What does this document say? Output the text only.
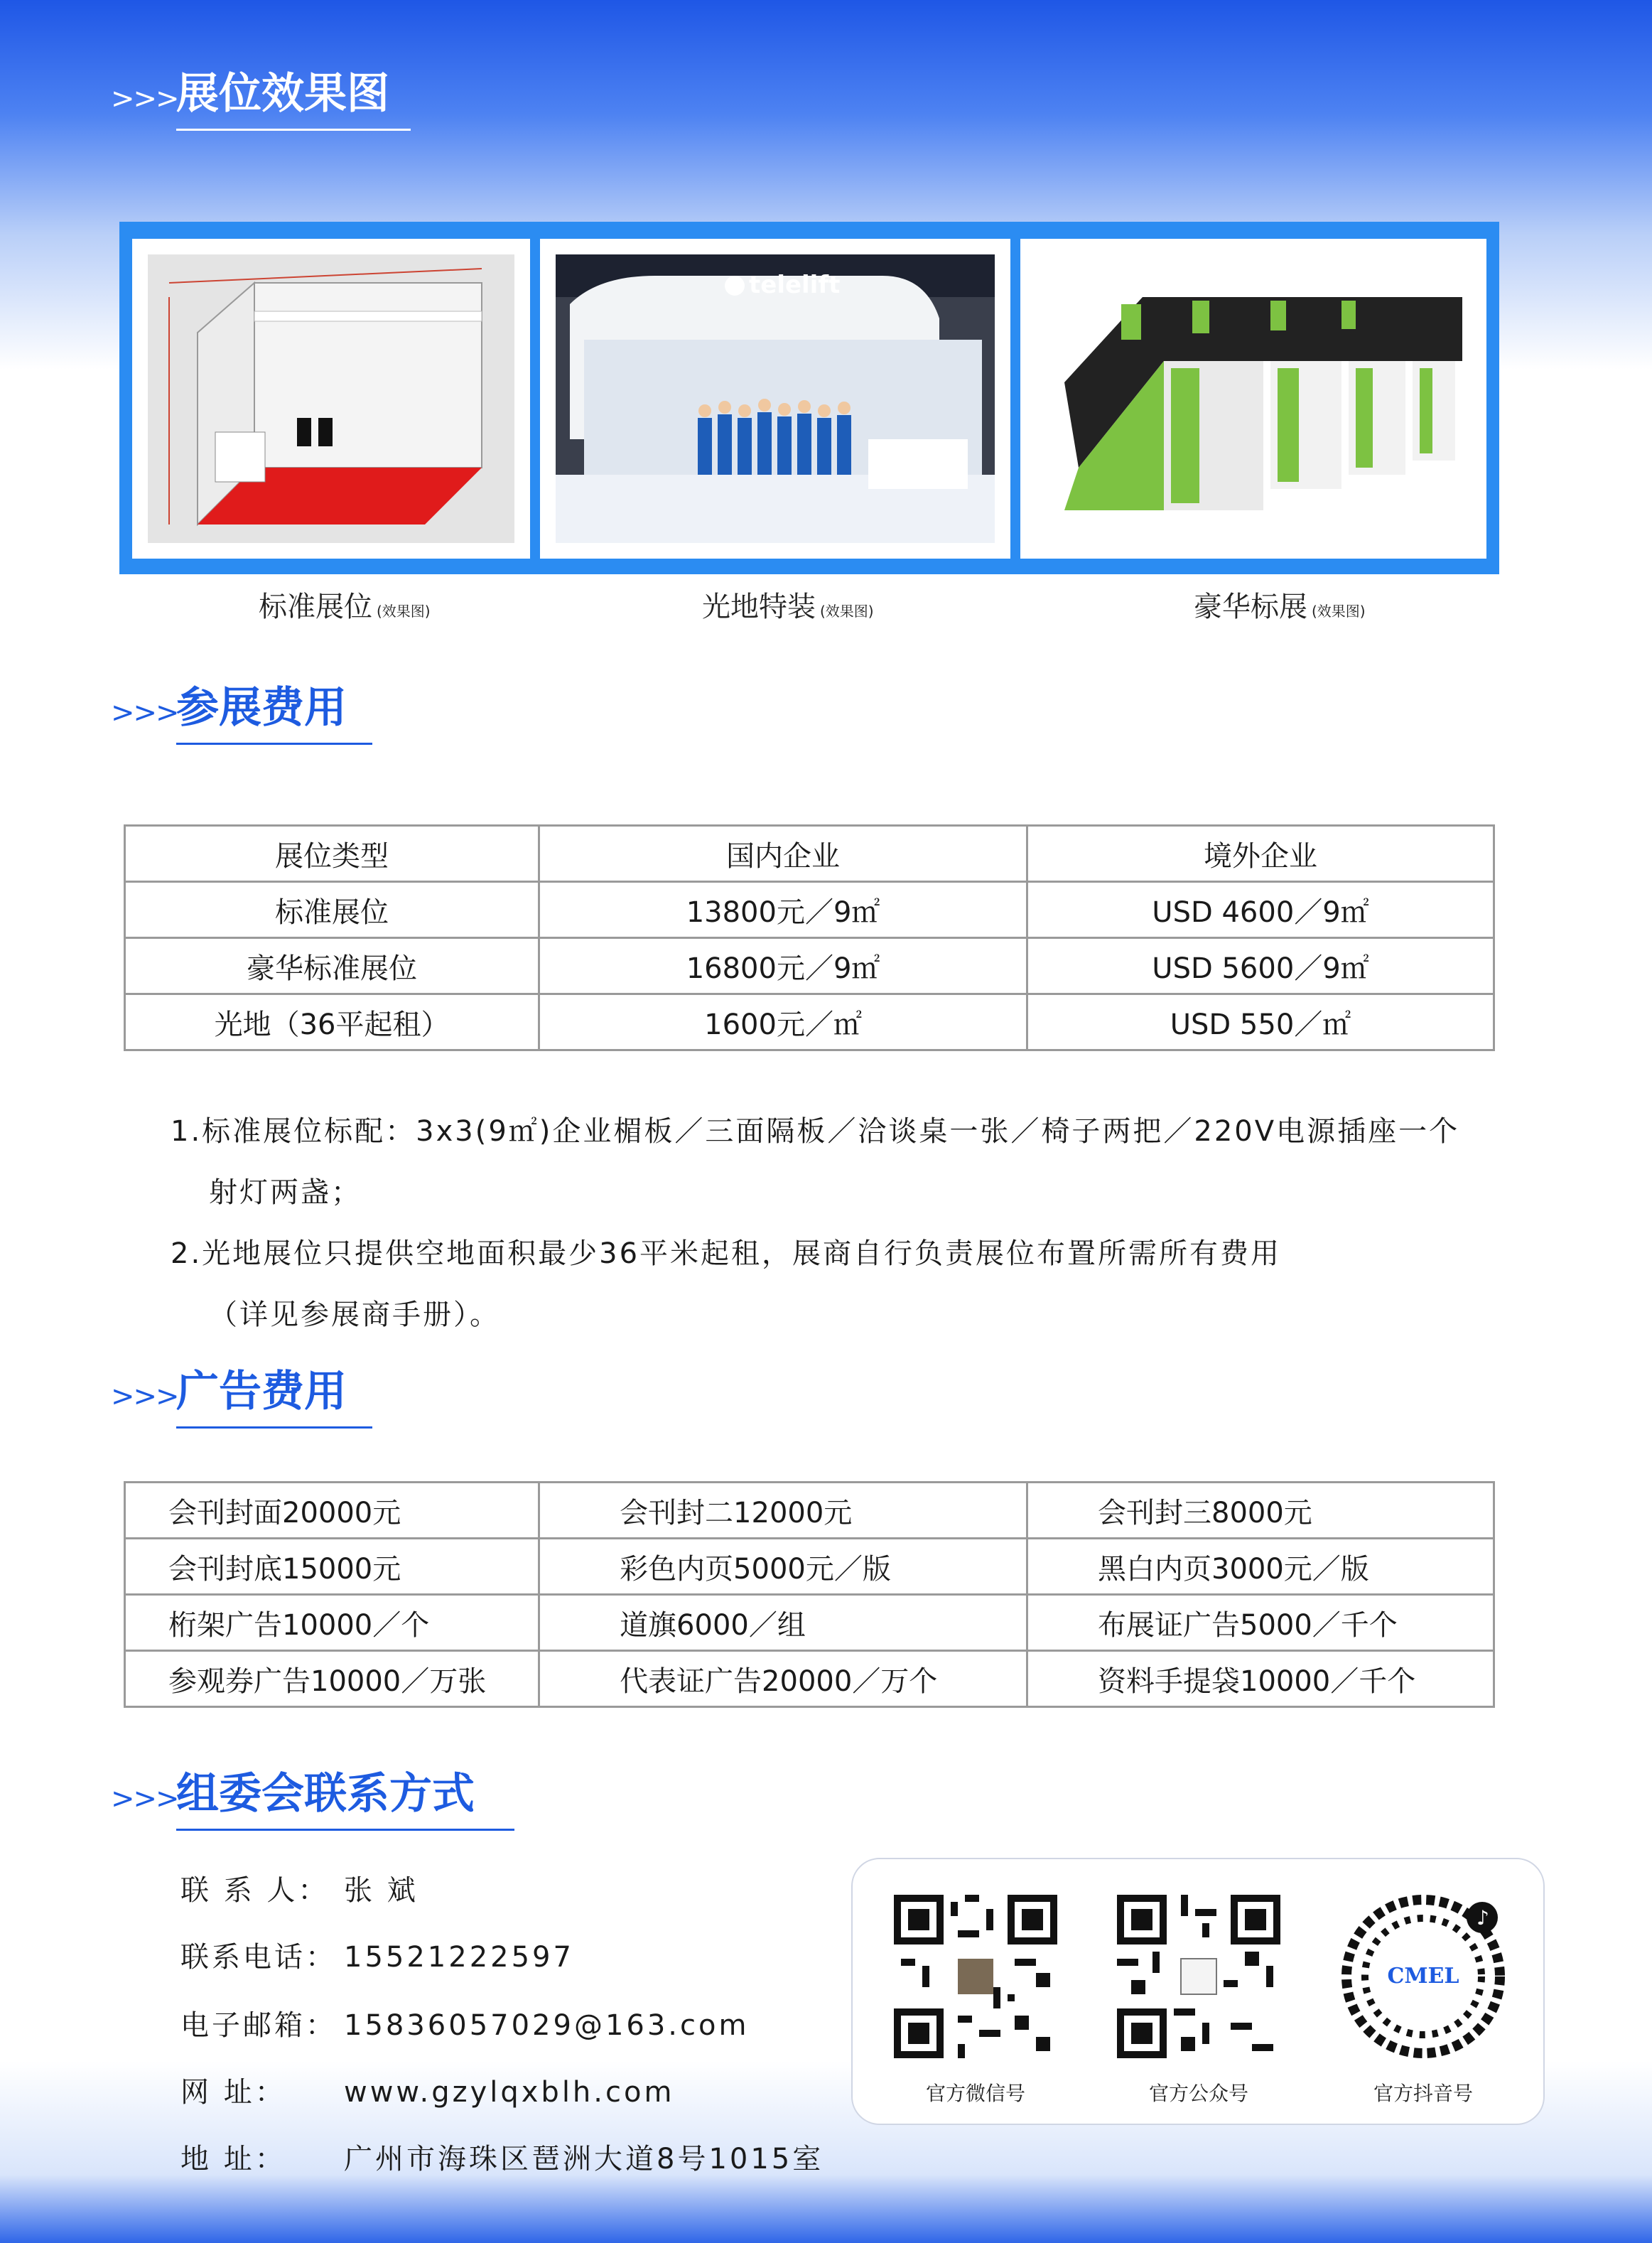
>>>
展位效果图
telelift
标准展位 (效果图)	光地特装 (效果图)	豪华标展 (效果图)
>>>
参展费用
展位类型	国内企业	境外企业
标准展位	13800元／9㎡	USD 4600／9㎡
豪华标准展位	16800元／9㎡	USD 5600／9㎡
光地（36平起租）	1600元／㎡	USD 550／㎡
1.标准展位标配：3x3(9㎡)企业楣板／三面隔板／洽谈桌一张／椅子两把／220V电源插座一个
射灯两盏；
2.光地展位只提供空地面积最少36平米起租，展商自行负责展位布置所需所有费用
（详见参展商手册）。
>>>
广告费用
会刊封面20000元	会刊封二12000元	会刊封三8000元
会刊封底15000元	彩色内页5000元／版	黑白内页3000元／版
桁架广告10000／个	道旗6000／组	布展证广告5000／千个
参观券广告10000／万张	代表证广告20000／万个	资料手提袋10000／千个
>>>
组委会联系方式
联 系 人： 张 斌
联系电话： 15521222597
电子邮箱： 15836057029@163.com
网 址： www.gzylqxblh.com
地 址： 广州市海珠区琶洲大道8号1015室
官方微信号	官方公众号
♪
CMEL
官方抖音号
